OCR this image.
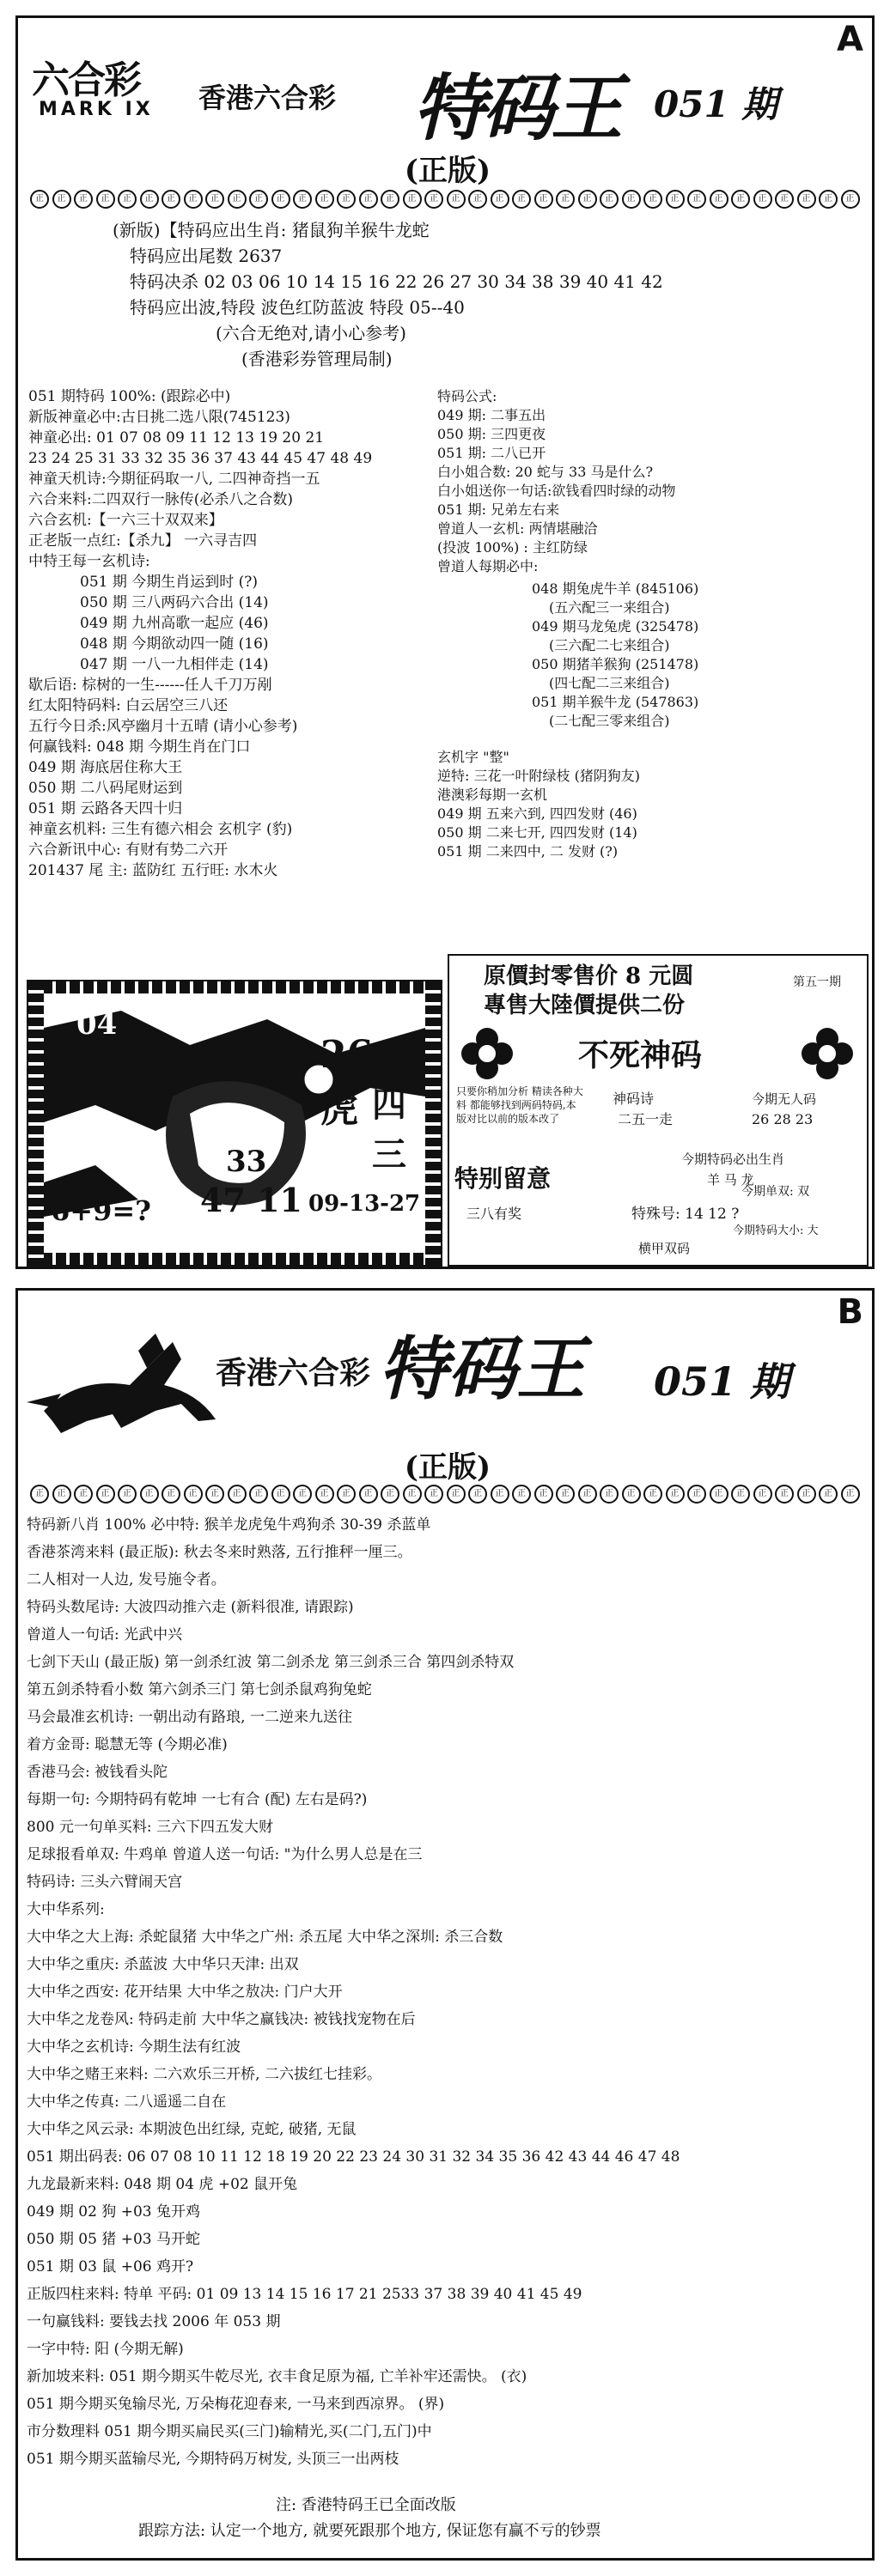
A
六合彩
MARK IX 香港六合彩 特码王 051 期
(正版)
正	正	正	正	正	正	正	正	正	正	正	正	正	正	正	正	正	正	正	正	正	正	正	正	正	正	正	正	正	正	正	正	正	正	正	正	正	正
(新版)【特码应出生肖: 猪鼠狗羊猴牛龙蛇
特码应出尾数 2637
特码决杀 02 03 06 10 14 15 16 22 26 27 30 34 38 39 40 41 42
特码应出波,特段 波色红防蓝波 特段 05--40
(六合无绝对,请小心参考)
(香港彩券管理局制)
051 期特码 100%: (跟踪必中)
新版神童必中:古日挑二选八限(745123)
神童必出: 01 07 08 09 11 12 13 19 20 21
23 24 25 31 33 32 35 36 37 43 44 45 47 48 49
神童天机诗:今期征码取一八, 二四神奇挡一五
六合来料:二四双行一脉传(必杀八之合数)
六合玄机:【一六三十双双来】
正老版一点红:【杀九】 一六寻吉四
中特王每一玄机诗:
051 期 今期生肖运到时 (?)
050 期 三八两码六合出 (14)
049 期 九州高歌一起应 (46)
048 期 今期欲动四一随 (16)
047 期 一八一九相伴走 (14)
歇后语: 棕树的一生------任人千刀万剐
红太阳特码料: 白云居空三八还
五行今日杀:风亭幽月十五晴 (请小心参考)
何赢钱料: 048 期 今期生肖在门口
049 期 海底居住称大王
050 期 二八码尾财运到
051 期 云路各天四十归
神童玄机料: 三生有德六相会 玄机字 (豹)
六合新讯中心: 有财有势二六开
201437 尾 主: 蓝防红 五行旺: 水木火
特码公式:
049 期: 二事五出
050 期: 三四更夜
051 期: 二八已开
白小姐合数: 20 蛇与 33 马是什么?
白小姐送你一句话:欲钱看四时绿的动物
051 期: 兄弟左右来
曾道人一玄机: 两情堪融洽
(投波 100%) : 主红防绿
曾道人每期必中:
048 期兔虎牛羊 (845106)
(五六配三一来组合)
049 期马龙兔虎 (325478)
(三六配二七来组合)
050 期猪羊猴狗 (251478)
(四七配二三来组合)
051 期羊猴牛龙 (547863)
(二七配三零来组合)
玄机字 "整"
逆特: 三花一叶附绿枝 (猪阴狗友)
港澳彩每期一玄机
049 期 五来六到, 四四发财 (46)
050 期 二来七开, 四四发财 (14)
051 期 二来四中, 二 发财 (?)
26
虎 四
三
33
47 11 09-13-27
6+9=?
04
原價封零售价 8 元圆
專售大陸價提供二份
第五一期
不死神码
只要你稍加分析 精读各种大料 都能够找到两码特码,本版对比以前的版本改了
神码诗
二五一走
今期无人码
26 28 23
今期特码必出生肖
羊 马 龙
特别留意
三八有奖	特殊号: 14 12 ?
横甲双码
今期单双: 双
今期特码大小: 大
B
香港六合彩 特码王 051 期
(正版)
正	正	正	正	正	正	正	正	正	正	正	正	正	正	正	正	正	正	正	正	正	正	正	正	正	正	正	正	正	正	正	正	正	正	正	正	正	正
特码新八肖 100% 必中特: 猴羊龙虎兔牛鸡狗杀 30-39 杀蓝单
香港茶湾来料 (最正版): 秋去冬来时熟落, 五行推秤一厘三。
二人相对一人边, 发号施令者。
特码头数尾诗: 大波四动推六走 (新料很准, 请跟踪)
曾道人一句话: 光武中兴
七剑下天山 (最正版) 第一剑杀红波 第二剑杀龙 第三剑杀三合 第四剑杀特双
第五剑杀特看小数 第六剑杀三门 第七剑杀鼠鸡狗兔蛇
马会最准玄机诗: 一朝出动有路琅, 一二逆来九送往
着方金哥: 聪慧无等 (今期必准)
香港马会: 被钱看头陀
每期一句: 今期特码有乾坤 一七有合 (配) 左右是码?)
800 元一句单买料: 三六下四五发大财
足球报看单双: 牛鸡单 曾道人送一句话: "为什么男人总是在三
特码诗: 三头六臂闹天宫
大中华系列:
大中华之大上海: 杀蛇鼠猪 大中华之广州: 杀五尾 大中华之深圳: 杀三合数
大中华之重庆: 杀蓝波 大中华只天津: 出双
大中华之西安: 花开结果 大中华之敖决: 门户大开
大中华之龙卷风: 特码走前 大中华之赢钱决: 被钱找宠物在后
大中华之玄机诗: 今期生法有红波
大中华之赌王来料: 二六欢乐三开桥, 二六拔红七挂彩。
大中华之传真: 二八遥遥二自在
大中华之风云录: 本期波色出红绿, 克蛇, 破猪, 无鼠
051 期出码表: 06 07 08 10 11 12 18 19 20 22 23 24 30 31 32 34 35 36 42 43 44 46 47 48
九龙最新来料: 048 期 04 虎 +02 鼠开兔
049 期 02 狗 +03 兔开鸡
050 期 05 猪 +03 马开蛇
051 期 03 鼠 +06 鸡开?
正版四柱来料: 特单 平码: 01 09 13 14 15 16 17 21 2533 37 38 39 40 41 45 49
一句赢钱料: 要钱去找 2006 年 053 期
一字中特: 阳 (今期无解)
新加坡来料: 051 期今期买牛乾尽光, 衣丰食足原为福, 亡羊补牢还需快。 (衣)
051 期今期买兔输尽光, 万朵梅花迎春来, 一马来到西凉界。 (界)
市分数理料 051 期今期买扁民买(三门)输精光,买(二门,五门)中
051 期今期买蓝输尽光, 今期特码万树发, 头顶三一出两枝
注: 香港特码王已全面改版
跟踪方法: 认定一个地方, 就要死跟那个地方, 保证您有赢不亏的钞票
